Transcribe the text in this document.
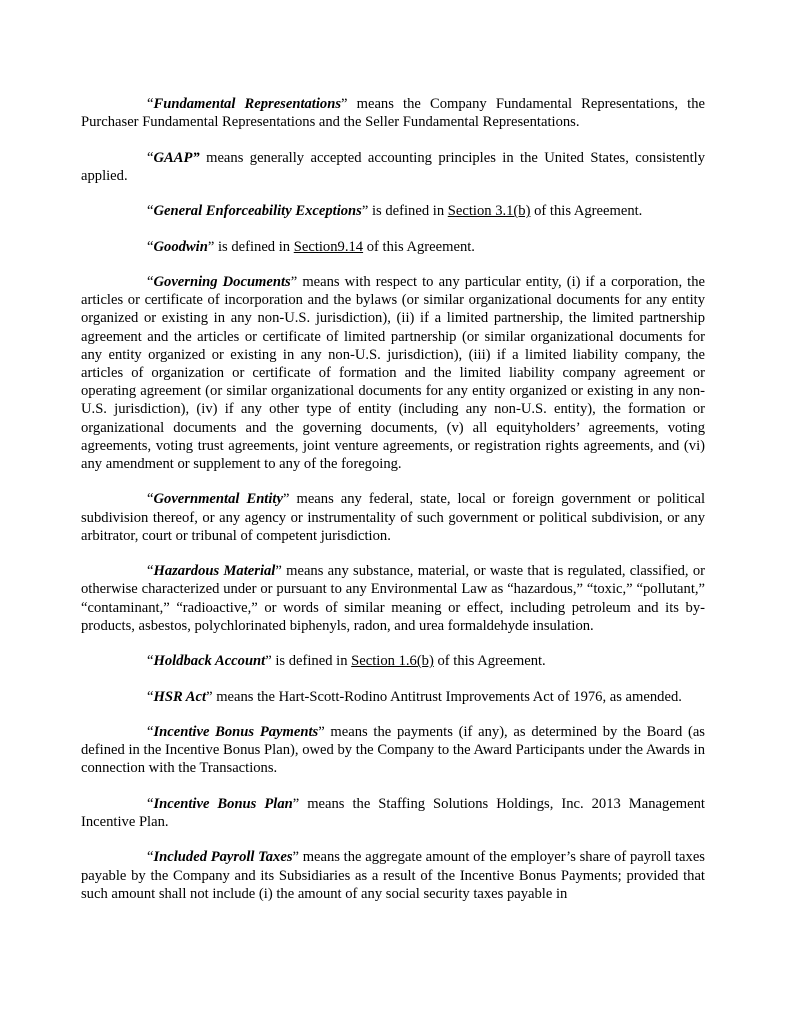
“Fundamental Representations” means the Company Fundamental Representations, the Purchaser Fundamental Representations and the Seller Fundamental Representations.

“GAAP” means generally accepted accounting principles in the United States, consistently applied.

“General Enforceability Exceptions” is defined in Section 3.1(b) of this Agreement.

“Goodwin” is defined in Section9.14 of this Agreement.

“Governing Documents” means with respect to any particular entity, (i) if a corporation, the articles or certificate of incorporation and the bylaws (or similar organizational documents for any entity organized or existing in any non-U.S. jurisdiction), (ii) if a limited partnership, the limited partnership agreement and the articles or certificate of limited partnership (or similar organizational documents for any entity organized or existing in any non-U.S. jurisdiction), (iii) if a limited liability company, the articles of organization or certificate of formation and the limited liability company agreement or operating agreement (or similar organizational documents for any entity organized or existing in any non-U.S. jurisdiction), (iv) if any other type of entity (including any non-U.S. entity), the formation or organizational documents and the governing documents, (v) all equityholders’ agreements, voting agreements, voting trust agreements, joint venture agreements, or registration rights agreements, and (vi) any amendment or supplement to any of the foregoing.

“Governmental Entity” means any federal, state, local or foreign government or political subdivision thereof, or any agency or instrumentality of such government or political subdivision, or any arbitrator, court or tribunal of competent jurisdiction.

“Hazardous Material” means any substance, material, or waste that is regulated, classified, or otherwise characterized under or pursuant to any Environmental Law as “hazardous,” “toxic,” “pollutant,” “contaminant,” “radioactive,” or words of similar meaning or effect, including petroleum and its by-products, asbestos, polychlorinated biphenyls, radon, and urea formaldehyde insulation.

“Holdback Account” is defined in Section 1.6(b) of this Agreement.

“HSR Act” means the Hart-Scott-Rodino Antitrust Improvements Act of 1976, as amended.

“Incentive Bonus Payments” means the payments (if any), as determined by the Board (as defined in the Incentive Bonus Plan), owed by the Company to the Award Participants under the Awards in connection with the Transactions.

“Incentive Bonus Plan” means the Staffing Solutions Holdings, Inc. 2013 Management Incentive Plan.

“Included Payroll Taxes” means the aggregate amount of the employer’s share of payroll taxes payable by the Company and its Subsidiaries as a result of the Incentive Bonus Payments; provided that such amount shall not include (i) the amount of any social security taxes payable in
